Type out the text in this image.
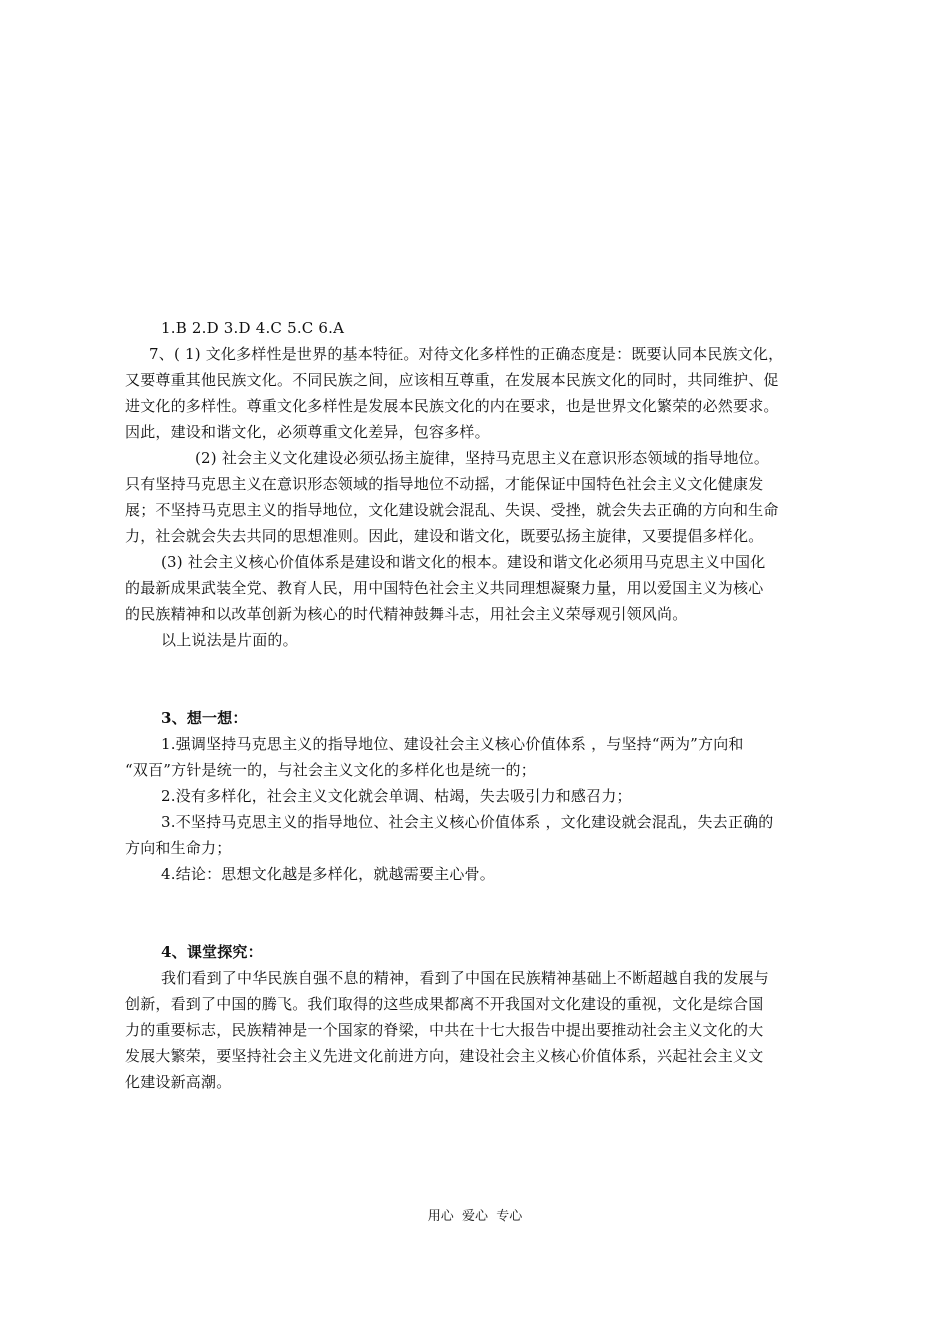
1.B 2.D 3.D 4.C 5.C 6.A

7、( 1) 文化多样性是世界的基本特征。对待文化多样性的正确态度是：既要认同本民族文化，

又要尊重其他民族文化。不同民族之间，应该相互尊重，在发展本民族文化的同时，共同维护、促

进文化的多样性。尊重文化多样性是发展本民族文化的内在要求，也是世界文化繁荣的必然要求。

因此，建设和谐文化，必须尊重文化差异，包容多样。

(2) 社会主义文化建设必须弘扬主旋律，坚持马克思主义在意识形态领域的指导地位。

只有坚持马克思主义在意识形态领域的指导地位不动摇，才能保证中国特色社会主义文化健康发

展；不坚持马克思主义的指导地位，文化建设就会混乱、失误、受挫，就会失去正确的方向和生命

力，社会就会失去共同的思想准则。因此，建设和谐文化，既要弘扬主旋律，又要提倡多样化。

(3) 社会主义核心价值体系是建设和谐文化的根本。建设和谐文化必须用马克思主义中国化

的最新成果武装全党、教育人民，用中国特色社会主义共同理想凝聚力量，用以爱国主义为核心

的民族精神和以改革创新为核心的时代精神鼓舞斗志，用社会主义荣辱观引领风尚。

以上说法是片面的。

3、想一想：

1.强调坚持马克思主义的指导地位、建设社会主义核心价值体系 ，与坚持“两为”方向和

“双百”方针是统一的，与社会主义文化的多样化也是统一的；

2.没有多样化，社会主义文化就会单调、枯竭，失去吸引力和感召力；

3.不坚持马克思主义的指导地位、社会主义核心价值体系 ，文化建设就会混乱，失去正确的

方向和生命力；

4.结论：思想文化越是多样化，就越需要主心骨。

4、课堂探究：

我们看到了中华民族自强不息的精神，看到了中国在民族精神基础上不断超越自我的发展与

创新，看到了中国的腾飞。我们取得的这些成果都离不开我国对文化建设的重视，文化是综合国

力的重要标志，民族精神是一个国家的脊梁，中共在十七大报告中提出要推动社会主义文化的大

发展大繁荣，要坚持社会主义先进文化前进方向，建设社会主义核心价值体系，兴起社会主义文

化建设新高潮。

用心  爱心  专心
